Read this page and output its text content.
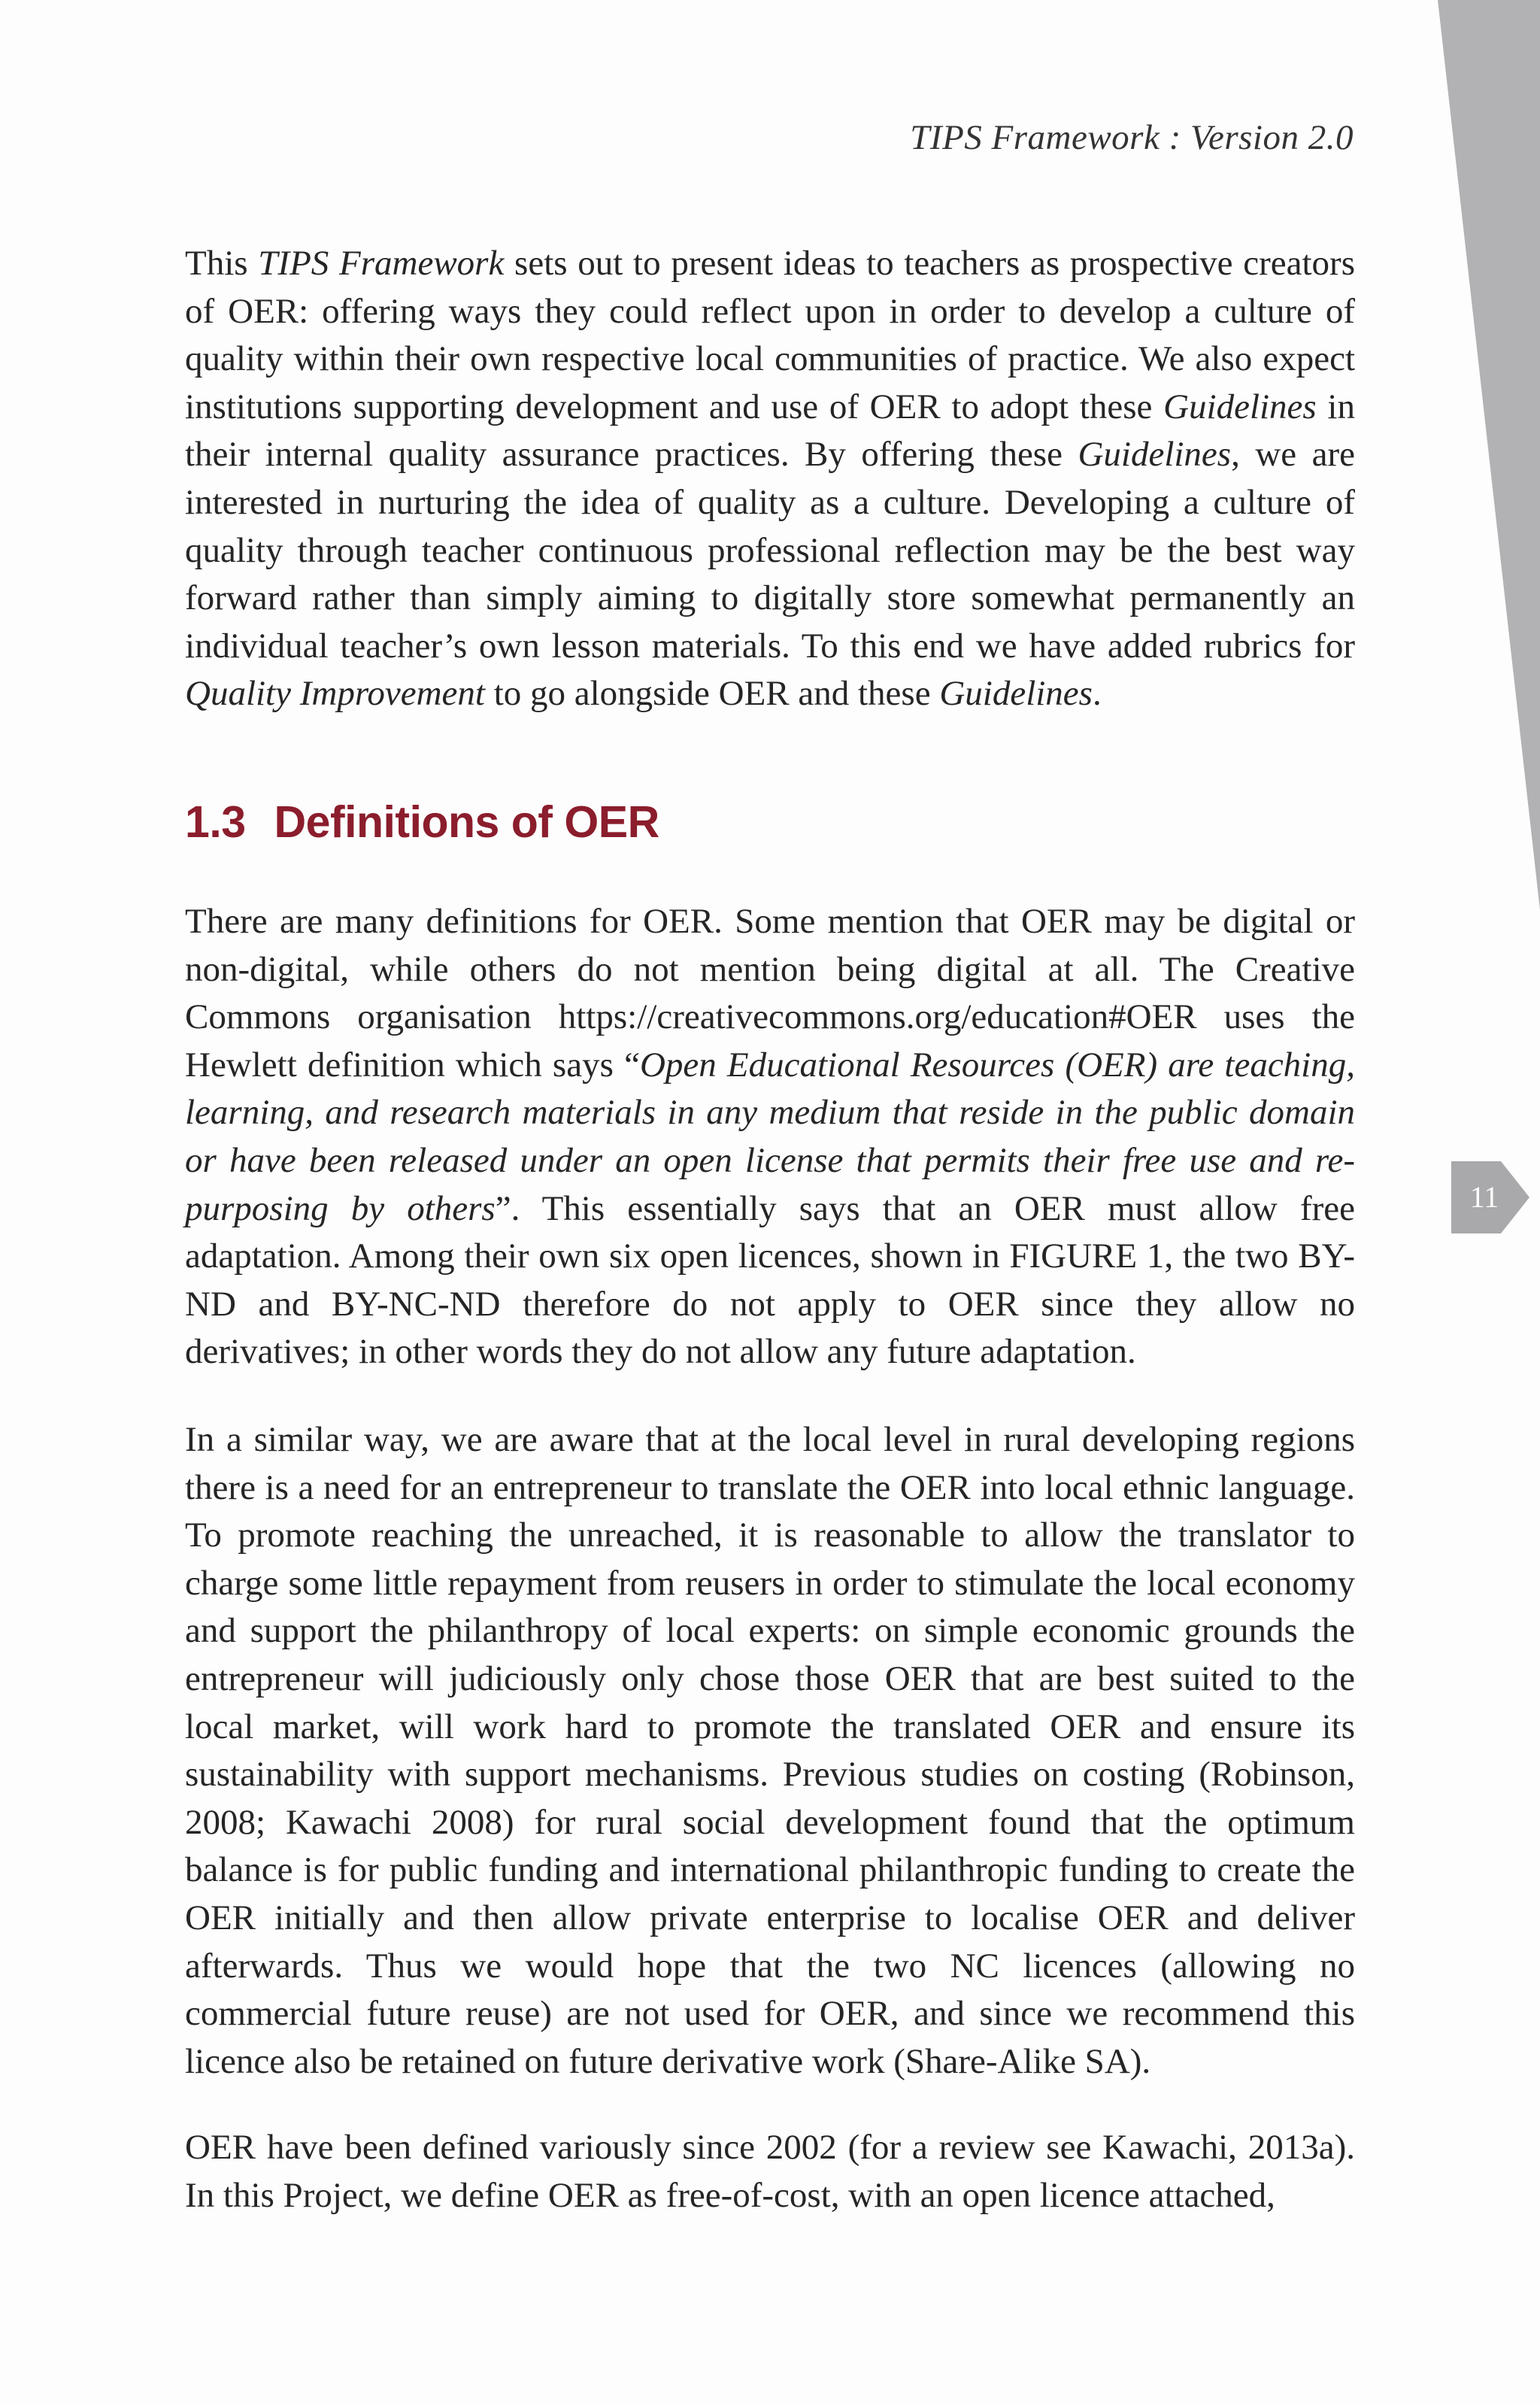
TIPS Framework : Version 2.0

This TIPS Framework sets out to present ideas to teachers as prospective creators of OER: offering ways they could reflect upon in order to develop a culture of quality within their own respective local communities of practice. We also expect institutions supporting development and use of OER to adopt these Guidelines in their internal quality assurance practices. By offering these Guidelines, we are interested in nurturing the idea of quality as a culture. Developing a culture of quality through teacher continuous professional reflection may be the best way forward rather than simply aiming to digitally store somewhat permanently an individual teacher’s own lesson materials. To this end we have added rubrics for Quality Improvement to go alongside OER and these Guidelines.

1.3 Definitions of OER

There are many definitions for OER. Some mention that OER may be digital or non-digital, while others do not mention being digital at all. The Creative Commons organisation https://creativecommons.org/education#OER uses the Hewlett definition which says “Open Educational Resources (OER) are teaching, learning, and research materials in any medium that reside in the public domain or have been released under an open license that permits their free use and re-purposing by others”. This essentially says that an OER must allow free adaptation. Among their own six open licences, shown in FIGURE 1, the two BY-ND and BY-NC-ND therefore do not apply to OER since they allow no derivatives; in other words they do not allow any future adaptation.

In a similar way, we are aware that at the local level in rural developing regions there is a need for an entrepreneur to translate the OER into local ethnic language. To promote reaching the unreached, it is reasonable to allow the translator to charge some little repayment from reusers in order to stimulate the local economy and support the philanthropy of local experts: on simple economic grounds the entrepreneur will judiciously only chose those OER that are best suited to the local market, will work hard to promote the translated OER and ensure its sustainability with support mechanisms. Previous studies on costing (Robinson, 2008; Kawachi 2008) for rural social development found that the optimum balance is for public funding and international philanthropic funding to create the OER initially and then allow private enterprise to localise OER and deliver afterwards. Thus we would hope that the two NC licences (allowing no commercial future reuse) are not used for OER, and since we recommend this licence also be retained on future derivative work (Share-Alike SA).

OER have been defined variously since 2002 (for a review see Kawachi, 2013a). In this Project, we define OER as free-of-cost, with an open licence attached,

11
